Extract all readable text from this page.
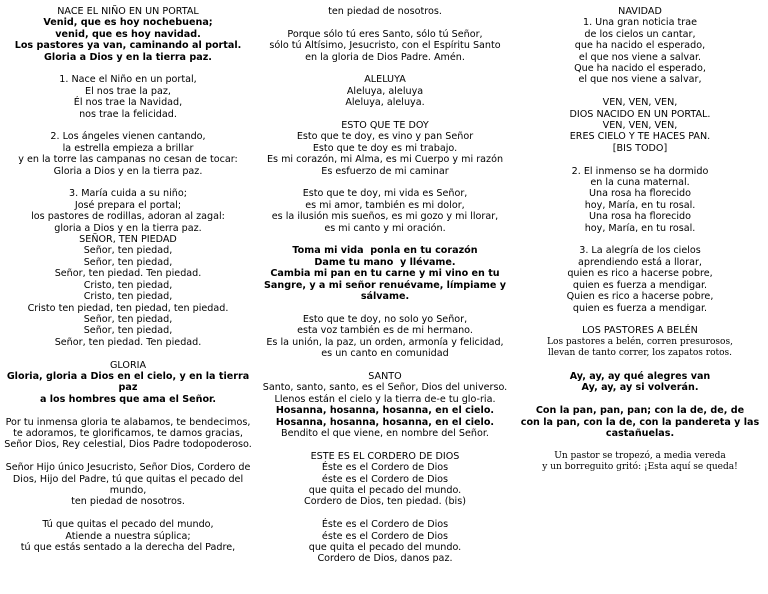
NACE EL NIÑO EN UN PORTAL
Venid, que es hoy nochebuena;
venid, que es hoy navidad.
Los pastores ya van, caminando al portal.
Gloria a Dios y en la tierra paz.
1. Nace el Niño en un portal,
El nos trae la paz,
Él nos trae la Navidad,
nos trae la felicidad.
2. Los ángeles vienen cantando,
la estrella empieza a brillar
y en la torre las campanas no cesan de tocar:
Gloria a Dios y en la tierra paz.
3. María cuida a su niño;
José prepara el portal;
los pastores de rodillas, adoran al zagal:
gloria a Dios y en la tierra paz.
SEÑOR, TEN PIEDAD
Señor, ten piedad,
Señor, ten piedad,
Señor, ten piedad. Ten piedad.
Cristo, ten piedad,
Cristo, ten piedad,
Cristo ten piedad, ten piedad, ten piedad.
Señor, ten piedad,
Señor, ten piedad,
Señor, ten piedad. Ten piedad.
GLORIA
Gloria, gloria a Dios en el cielo, y en la tierra paz
a los hombres que ama el Señor.
Por tu inmensa gloria te alabamos, te bendecimos, te adoramos, te glorificamos, te damos gracias, Señor Dios, Rey celestial, Dios Padre todopoderoso.
Señor Hijo único Jesucristo, Señor Dios, Cordero de Dios, Hijo del Padre, tú que quitas el pecado del mundo,
ten piedad de nosotros.
Tú que quitas el pecado del mundo,
Atiende a nuestra súplica;
tú que estás sentado a la derecha del Padre,
ten piedad de nosotros.
Porque sólo tú eres Santo, sólo tú Señor,
sólo tú Altísimo, Jesucristo, con el Espíritu Santo
en la gloria de Dios Padre. Amén.
ALELUYA
Aleluya, aleluya
Aleluya, aleluya.
ESTO QUE TE DOY
Esto que te doy, es vino y pan Señor
Esto que te doy es mi trabajo.
Es mi corazón, mi Alma, es mi Cuerpo y mi razón
Es esfuerzo de mi caminar
Esto que te doy, mi vida es Señor,
es mi amor, también es mi dolor,
es la ilusión mis sueños, es mi gozo y mi llorar,
es mi canto y mi oración.
Toma mi vida  ponla en tu corazón
Dame tu mano  y llévame.
Cambia mi pan en tu carne y mi vino en tu Sangre, y a mi señor renuévame, límpiame y sálvame.
Esto que te doy, no solo yo Señor,
esta voz también es de mi hermano.
Es la unión, la paz, un orden, armonía y felicidad,
es un canto en comunidad
SANTO
Santo, santo, santo, es el Señor, Dios del universo.
Llenos están el cielo y la tierra de-e tu glo-ria.
Hosanna, hosanna, hosanna, en el cielo.
Hosanna, hosanna, hosanna, en el cielo.
Bendito el que viene, en nombre del Señor.
ESTE ES EL CORDERO DE DIOS
Éste es el Cordero de Dios
éste es el Cordero de Dios
que quita el pecado del mundo.
Cordero de Dios, ten piedad. (bis)
Éste es el Cordero de Dios
éste es el Cordero de Dios
que quita el pecado del mundo.
Cordero de Dios, danos paz.
NAVIDAD
1. Una gran noticia trae
de los cielos un cantar,
que ha nacido el esperado,
el que nos viene a salvar.
Que ha nacido el esperado,
el que nos viene a salvar,
VEN, VEN, VEN,
DIOS NACIDO EN UN PORTAL.
VEN, VEN, VEN,
ERES CIELO Y TE HACES PAN.
[BIS TODO]
2. El inmenso se ha dormido
en la cuna maternal.
Una rosa ha florecido
hoy, María, en tu rosal.
Una rosa ha florecido
hoy, María, en tu rosal.
3. La alegría de los cielos
aprendiendo está a llorar,
quien es rico a hacerse pobre,
quien es fuerza a mendigar.
Quien es rico a hacerse pobre,
quien es fuerza a mendigar.
LOS PASTORES A BELÉN
Los pastores a belén, corren presurosos,
llevan de tanto correr, los zapatos rotos.
Ay, ay, ay qué alegres van
Ay, ay, ay si volverán.
Con la pan, pan, pan; con la de, de, de
con la pan, con la de, con la pandereta y las castañuelas.
Un pastor se tropezó, a media vereda
y un borreguito gritó: ¡Esta aquí se queda!
